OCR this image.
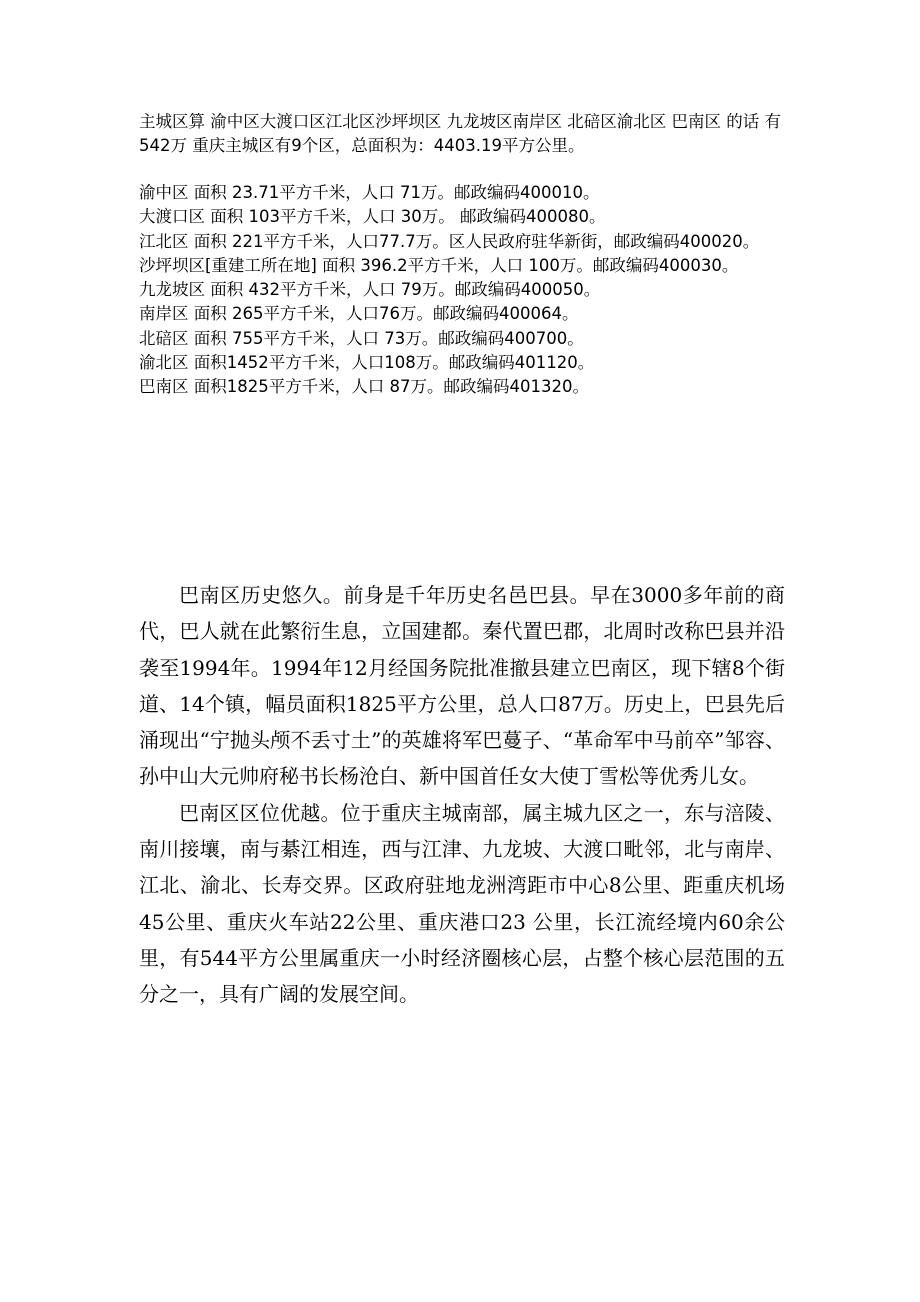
主城区算 渝中区大渡口区江北区沙坪坝区 九龙坡区南岸区 北碚区渝北区 巴南区 的话 有542万 重庆主城区有9个区，总面积为：4403.19平方公里。

渝中区 面积 23.71平方千米，人口 71万。邮政编码400010。
大渡口区 面积 103平方千米，人口 30万。 邮政编码400080。
江北区 面积 221平方千米，人口77.7万。区人民政府驻华新街，邮政编码400020。
沙坪坝区[重建工所在地] 面积 396.2平方千米，人口 100万。邮政编码400030。
九龙坡区 面积 432平方千米，人口 79万。邮政编码400050。
南岸区 面积 265平方千米，人口76万。邮政编码400064。
北碚区 面积 755平方千米，人口 73万。邮政编码400700。
渝北区 面积1452平方千米，人口108万。邮政编码401120。
巴南区 面积1825平方千米，人口 87万。邮政编码401320。

巴南区历史悠久。前身是千年历史名邑巴县。早在3000多年前的商代，巴人就在此繁衍生息，立国建都。秦代置巴郡，北周时改称巴县并沿袭至1994年。1994年12月经国务院批准撤县建立巴南区，现下辖8个街道、14个镇，幅员面积1825平方公里，总人口87万。历史上，巴县先后涌现出“宁抛头颅不丢寸土”的英雄将军巴蔓子、“革命军中马前卒”邹容、孙中山大元帅府秘书长杨沧白、新中国首任女大使丁雪松等优秀儿女。

巴南区区位优越。位于重庆主城南部，属主城九区之一，东与涪陵、南川接壤，南与綦江相连，西与江津、九龙坡、大渡口毗邻，北与南岸、江北、渝北、长寿交界。区政府驻地龙洲湾距市中心8公里、距重庆机场45公里、重庆火车站22公里、重庆港口23 公里，长江流经境内60余公里，有544平方公里属重庆一小时经济圈核心层，占整个核心层范围的五分之一，具有广阔的发展空间。
